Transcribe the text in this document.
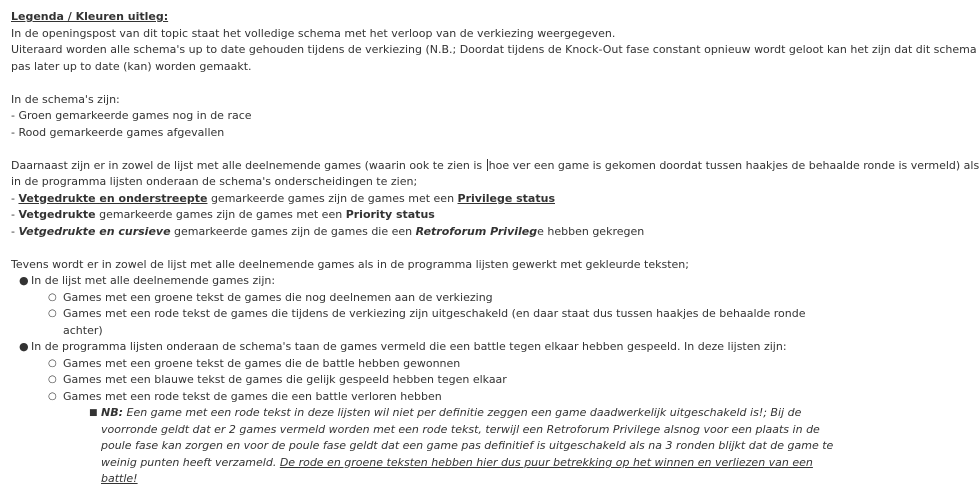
Legenda / Kleuren uitleg:
In de openingspost van dit topic staat het volledige schema met het verloop van de verkiezing weergegeven.
Uiteraard worden alle schema's up to date gehouden tijdens de verkiezing (N.B.; Doordat tijdens de Knock-Out fase constant opnieuw wordt geloot kan het zijn dat dit schema
pas later up to date (kan) worden gemaakt.
In de schema's zijn:
- Groen gemarkeerde games nog in de race
- Rood gemarkeerde games afgevallen
Daarnaast zijn er in zowel de lijst met alle deelnemende games (waarin ook te zien is hoe ver een game is gekomen doordat tussen haakjes de behaalde ronde is vermeld) als
in de programma lijsten onderaan de schema's onderscheidingen te zien;
- Vetgedrukte en onderstreepte gemarkeerde games zijn de games met een Privilege status
- Vetgedrukte gemarkeerde games zijn de games met een Priority status
- Vetgedrukte en cursieve gemarkeerde games zijn de games die een Retroforum Privilege hebben gekregen
Tevens wordt er in zowel de lijst met alle deelnemende games als in de programma lijsten gewerkt met gekleurde teksten;
● In de lijst met alle deelnemende games zijn:
○ Games met een groene tekst de games die nog deelnemen aan de verkiezing
○ Games met een rode tekst de games die tijdens de verkiezing zijn uitgeschakeld (en daar staat dus tussen haakjes de behaalde ronde achter)
● In de programma lijsten onderaan de schema's taan de games vermeld die een battle tegen elkaar hebben gespeeld. In deze lijsten zijn:
○ Games met een groene tekst de games die de battle hebben gewonnen
○ Games met een blauwe tekst de games die gelijk gespeeld hebben tegen elkaar
○ Games met een rode tekst de games die een battle verloren hebben
■ NB: Een game met een rode tekst in deze lijsten wil niet per definitie zeggen een game daadwerkelijk uitgeschakeld is!; Bij de voorronde geldt dat er 2 games vermeld worden met een rode tekst, terwijl een Retroforum Privilege alsnog voor een plaats in de poule fase kan zorgen en voor de poule fase geldt dat een game pas definitief is uitgeschakeld als na 3 ronden blijkt dat de game te weinig punten heeft verzameld. De rode en groene teksten hebben hier dus puur betrekking op het winnen en verliezen van een battle!
